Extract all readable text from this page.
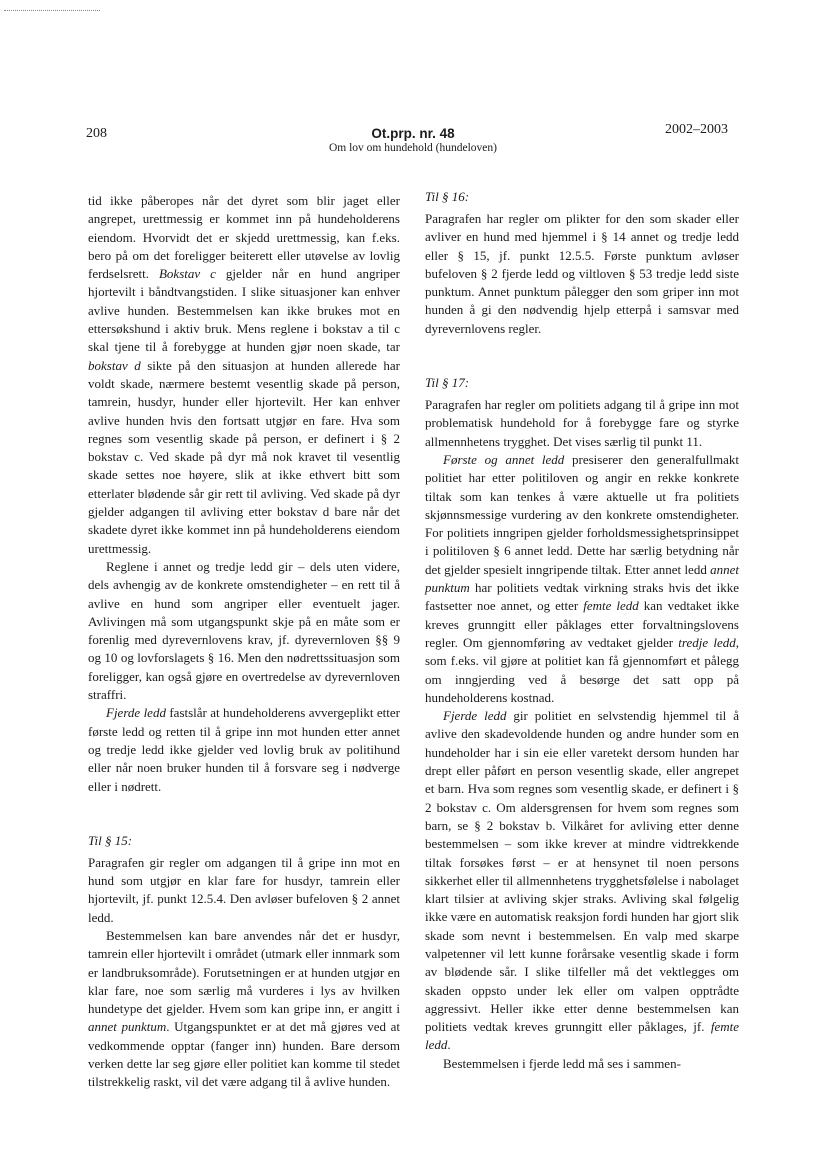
208	Ot.prp. nr. 48
Om lov om hundehold (hundeloven)
2002–2003

tid ikke påberopes når det dyret som blir jaget eller angrepet, urettmessig er kommet inn på hundeholderens eiendom. Hvorvidt det er skjedd urettmessig, kan f.eks. bero på om det foreligger beiterett eller utøvelse av lovlig ferdselsrett. Bokstav c gjelder når en hund angriper hjortevilt i båndtvangstiden. I slike situasjoner kan enhver avlive hunden. Bestemmelsen kan ikke brukes mot en ettersøkshund i aktiv bruk. Mens reglene i bokstav a til c skal tjene til å forebygge at hunden gjør noen skade, tar bokstav d sikte på den situasjon at hunden allerede har voldt skade, nærmere bestemt vesentlig skade på person, tamrein, husdyr, hunder eller hjortevilt. Her kan enhver avlive hunden hvis den fortsatt utgjør en fare. Hva som regnes som vesentlig skade på person, er definert i § 2 bokstav c. Ved skade på dyr må nok kravet til vesentlig skade settes noe høyere, slik at ikke ethvert bitt som etterlater blødende sår gir rett til avliving. Ved skade på dyr gjelder adgangen til avliving etter bokstav d bare når det skadete dyret ikke kommet inn på hundeholderens eiendom urettmessig.

Reglene i annet og tredje ledd gir – dels uten videre, dels avhengig av de konkrete omstendigheter – en rett til å avlive en hund som angriper eller eventuelt jager. Avlivingen må som utgangspunkt skje på en måte som er forenlig med dyrevernlovens krav, jf. dyrevernloven §§ 9 og 10 og lovforslagets § 16. Men den nødrettssituasjon som foreligger, kan også gjøre en overtredelse av dyrevernloven straffri.

Fjerde ledd fastslår at hundeholderens avvergeplikt etter første ledd og retten til å gripe inn mot hunden etter annet og tredje ledd ikke gjelder ved lovlig bruk av politihund eller når noen bruker hunden til å forsvare seg i nødverge eller i nødrett.

Til § 15:

Paragrafen gir regler om adgangen til å gripe inn mot en hund som utgjør en klar fare for husdyr, tamrein eller hjortevilt, jf. punkt 12.5.4. Den avløser bufeloven § 2 annet ledd.

Bestemmelsen kan bare anvendes når det er husdyr, tamrein eller hjortevilt i området (utmark eller innmark som er landbruksområde). Forutsetningen er at hunden utgjør en klar fare, noe som særlig må vurderes i lys av hvilken hundetype det gjelder. Hvem som kan gripe inn, er angitt i annet punktum. Utgangspunktet er at det må gjøres ved at vedkommende opptar (fanger inn) hunden. Bare dersom verken dette lar seg gjøre eller politiet kan komme til stedet tilstrekkelig raskt, vil det være adgang til å avlive hunden.

Til § 16:

Paragrafen har regler om plikter for den som skader eller avliver en hund med hjemmel i § 14 annet og tredje ledd eller § 15, jf. punkt 12.5.5. Første punktum avløser bufeloven § 2 fjerde ledd og viltloven § 53 tredje ledd siste punktum. Annet punktum pålegger den som griper inn mot hunden å gi den nødvendig hjelp etterpå i samsvar med dyrevernlovens regler.

Til § 17:

Paragrafen har regler om politiets adgang til å gripe inn mot problematisk hundehold for å forebygge fare og styrke allmennhetens trygghet. Det vises særlig til punkt 11.

Første og annet ledd presiserer den generalfullmakt politiet har etter politiloven og angir en rekke konkrete tiltak som kan tenkes å være aktuelle ut fra politiets skjønnsmessige vurdering av den konkrete omstendigheter. For politiets inngripen gjelder forholdsmessighetsprinsippet i politiloven § 6 annet ledd. Dette har særlig betydning når det gjelder spesielt inngripende tiltak. Etter annet ledd annet punktum har politiets vedtak virkning straks hvis det ikke fastsetter noe annet, og etter femte ledd kan vedtaket ikke kreves grunngitt eller påklages etter forvaltningslovens regler. Om gjennomføring av vedtaket gjelder tredje ledd, som f.eks. vil gjøre at politiet kan få gjennomført et pålegg om inngjerding ved å besørge det satt opp på hundeholderens kostnad.

Fjerde ledd gir politiet en selvstendig hjemmel til å avlive den skadevoldende hunden og andre hunder som en hundeholder har i sin eie eller varetekt dersom hunden har drept eller påført en person vesentlig skade, eller angrepet et barn. Hva som regnes som vesentlig skade, er definert i § 2 bokstav c. Om aldersgrensen for hvem som regnes som barn, se § 2 bokstav b. Vilkåret for avliving etter denne bestemmelsen – som ikke krever at mindre vidtrekkende tiltak forsøkes først – er at hensynet til noen persons sikkerhet eller til allmennhetens trygghetsfølelse i nabolaget klart tilsier at avliving skjer straks. Avliving skal følgelig ikke være en automatisk reaksjon fordi hunden har gjort slik skade som nevnt i bestemmelsen. En valp med skarpe valpetenner vil lett kunne forårsake vesentlig skade i form av blødende sår. I slike tilfeller må det vektlegges om skaden oppsto under lek eller om valpen opptrådte aggressivt. Heller ikke etter denne bestemmelsen kan politiets vedtak kreves grunngitt eller påklages, jf. femte ledd.

Bestemmelsen i fjerde ledd må ses i sammen-
